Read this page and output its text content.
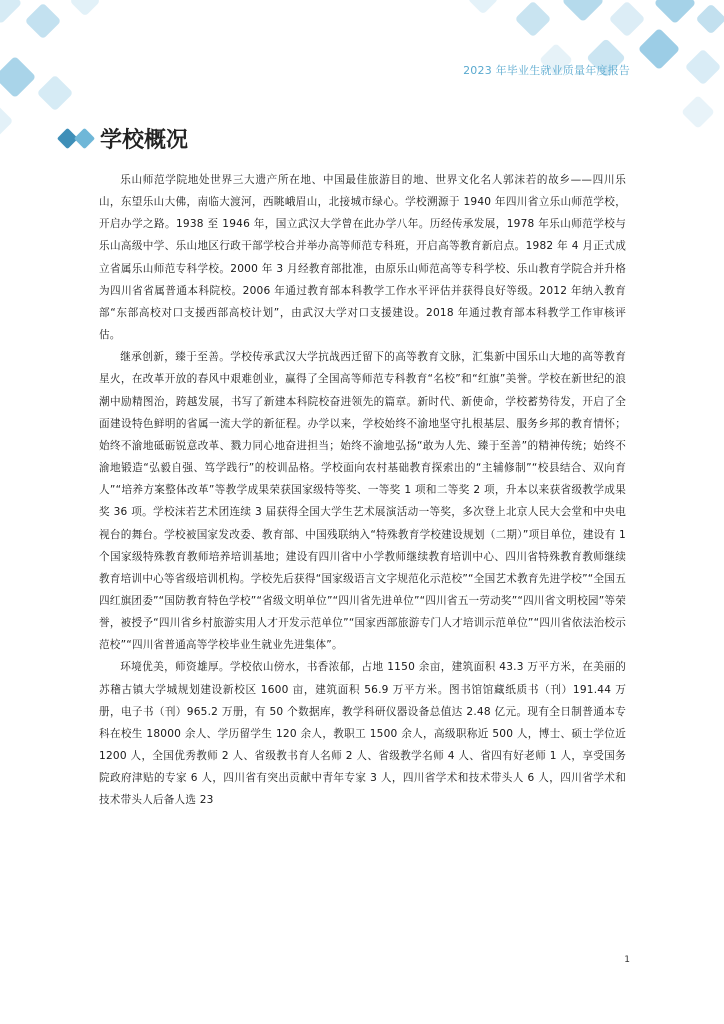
2023 年毕业生就业质量年度报告
学校概况

乐山师范学院地处世界三大遗产所在地、中国最佳旅游目的地、世界文化名人郭沫若的故乡——四川乐山，东望乐山大佛，南临大渡河，西眺峨眉山，北接城市绿心。学校溯源于 1940 年四川省立乐山师范学校，开启办学之路。1938 至 1946 年，国立武汉大学曾在此办学八年。历经传承发展，1978 年乐山师范学校与乐山高级中学、乐山地区行政干部学校合并举办高等师范专科班，开启高等教育新启点。1982 年 4 月正式成立省属乐山师范专科学校。2000 年 3 月经教育部批准，由原乐山师范高等专科学校、乐山教育学院合并升格为四川省省属普通本科院校。2006 年通过教育部本科教学工作水平评估并获得良好等级。2012 年纳入教育部“东部高校对口支援西部高校计划”，由武汉大学对口支援建设。2018 年通过教育部本科教学工作审核评估。

继承创新，臻于至善。学校传承武汉大学抗战西迁留下的高等教育文脉，汇集新中国乐山大地的高等教育星火，在改革开放的春风中艰难创业，赢得了全国高等师范专科教育“名校”和“红旗”美誉。学校在新世纪的浪潮中励精图治，跨越发展，书写了新建本科院校奋进领先的篇章。新时代、新使命，学校蓄势待发，开启了全面建设特色鲜明的省属一流大学的新征程。办学以来，学校始终不渝地坚守扎根基层、服务乡邦的教育情怀；始终不渝地砥砺锐意改革、戮力同心地奋进担当；始终不渝地弘扬“敢为人先、臻于至善”的精神传统；始终不渝地锻造“弘毅自强、笃学践行”的校训品格。学校面向农村基础教育探索出的“主辅修制”“校县结合、双向育人”“培养方案整体改革”等教学成果荣获国家级特等奖、一等奖 1 项和二等奖 2 项，升本以来获省级教学成果奖 36 项。学校沫若艺术团连续 3 届获得全国大学生艺术展演活动一等奖，多次登上北京人民大会堂和中央电视台的舞台。学校被国家发改委、教育部、中国残联纳入“特殊教育学校建设规划（二期）”项目单位，建设有 1 个国家级特殊教育教师培养培训基地；建设有四川省中小学教师继续教育培训中心、四川省特殊教育教师继续教育培训中心等省级培训机构。学校先后获得“国家级语言文字规范化示范校”“全国艺术教育先进学校”“全国五四红旗团委”“国防教育特色学校”“省级文明单位”“四川省先进单位”“四川省五一劳动奖”“四川省文明校园”等荣誉，被授予“四川省乡村旅游实用人才开发示范单位”“国家西部旅游专门人才培训示范单位”“四川省依法治校示范校”“四川省普通高等学校毕业生就业先进集体”。

环境优美，师资雄厚。学校依山傍水，书香浓郁，占地 1150 余亩，建筑面积 43.3 万平方米，在美丽的苏稽古镇大学城规划建设新校区 1600 亩，建筑面积 56.9 万平方米。图书馆馆藏纸质书（刊）191.44 万册，电子书（刊）965.2 万册，有 50 个数据库，教学科研仪器设备总值达 2.48 亿元。现有全日制普通本专科在校生 18000 余人、学历留学生 120 余人，教职工 1500 余人，高级职称近 500 人，博士、硕士学位近 1200 人，全国优秀教师 2 人、省级教书育人名师 2 人、省级教学名师 4 人、省四有好老师 1 人，享受国务院政府津贴的专家 6 人，四川省有突出贡献中青年专家 3 人，四川省学术和技术带头人 6 人，四川省学术和技术带头人后备人选 23

1
